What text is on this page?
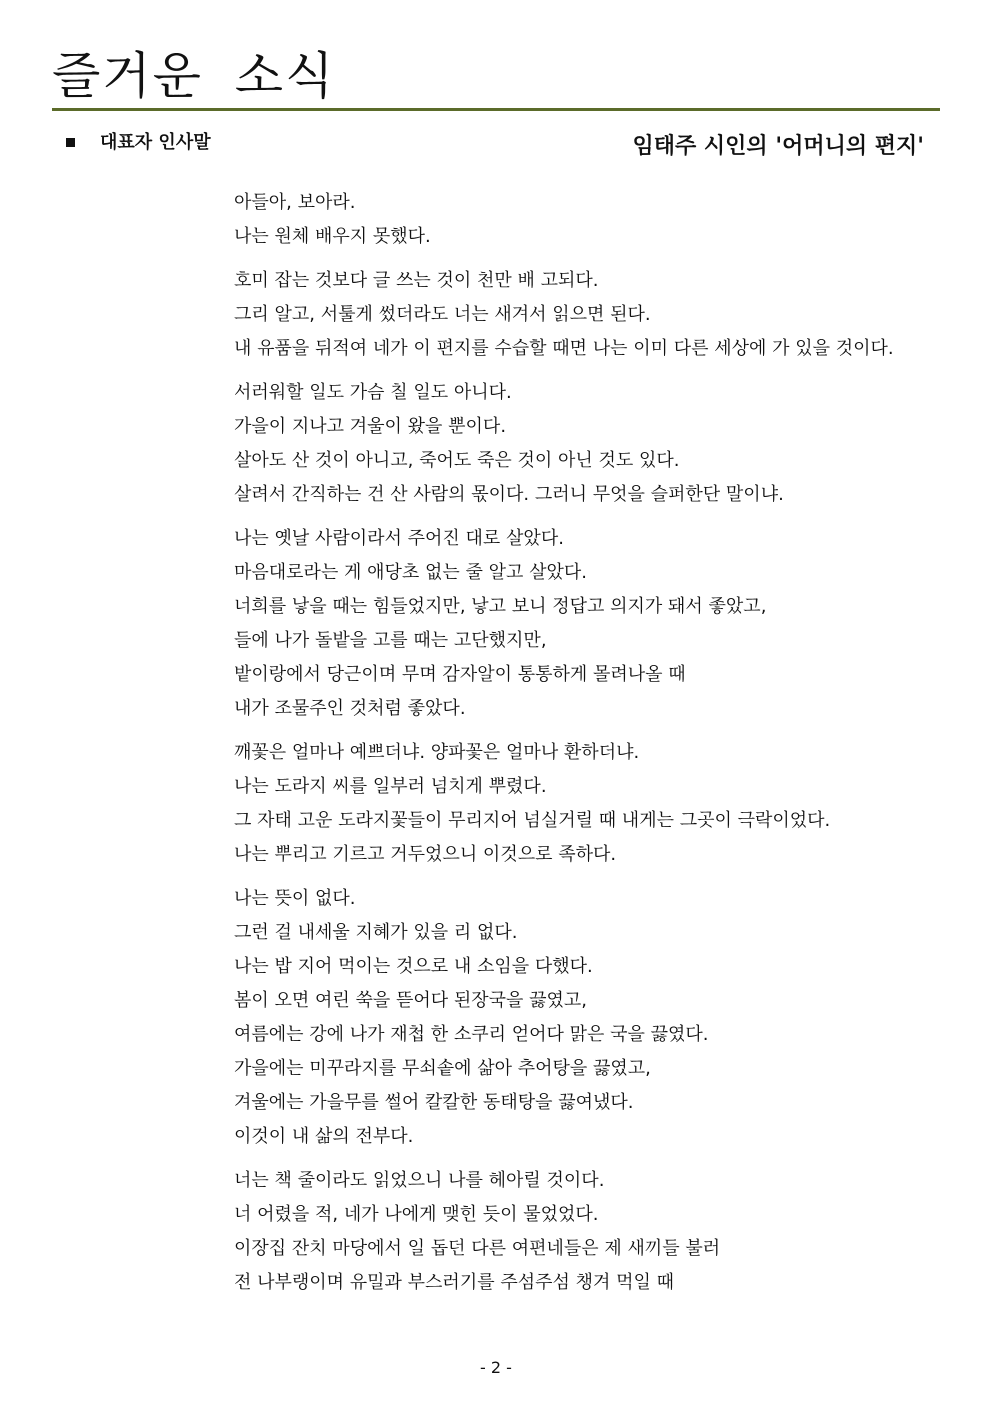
즐거운 소식
대표자 인사말	임태주 시인의 '어머니의 편지'
아들아, 보아라.
나는 원체 배우지 못했다.
호미 잡는 것보다 글 쓰는 것이 천만 배 고되다.
그리 알고, 서툴게 썼더라도 너는 새겨서 읽으면 된다.
내 유품을 뒤적여 네가 이 편지를 수습할 때면 나는 이미 다른 세상에 가 있을 것이다.
서러워할 일도 가슴 칠 일도 아니다.
가을이 지나고 겨울이 왔을 뿐이다.
살아도 산 것이 아니고, 죽어도 죽은 것이 아닌 것도 있다.
살려서 간직하는 건 산 사람의 몫이다. 그러니 무엇을 슬퍼한단 말이냐.
나는 옛날 사람이라서 주어진 대로 살았다.
마음대로라는 게 애당초 없는 줄 알고 살았다.
너희를 낳을 때는 힘들었지만, 낳고 보니 정답고 의지가 돼서 좋았고,
들에 나가 돌밭을 고를 때는 고단했지만,
밭이랑에서 당근이며 무며 감자알이 통통하게 몰려나올 때
내가 조물주인 것처럼 좋았다.
깨꽃은 얼마나 예쁘더냐. 양파꽃은 얼마나 환하더냐.
나는 도라지 씨를 일부러 넘치게 뿌렸다.
그 자태 고운 도라지꽃들이 무리지어 넘실거릴 때 내게는 그곳이 극락이었다.
나는 뿌리고 기르고 거두었으니 이것으로 족하다.
나는 뜻이 없다.
그런 걸 내세울 지혜가 있을 리 없다.
나는 밥 지어 먹이는 것으로 내 소임을 다했다.
봄이 오면 여린 쑥을 뜯어다 된장국을 끓였고,
여름에는 강에 나가 재첩 한 소쿠리 얻어다 맑은 국을 끓였다.
가을에는 미꾸라지를 무쇠솥에 삶아 추어탕을 끓였고,
겨울에는 가을무를 썰어 칼칼한 동태탕을 끓여냈다.
이것이 내 삶의 전부다.
너는 책 줄이라도 읽었으니 나를 헤아릴 것이다.
너 어렸을 적, 네가 나에게 맺힌 듯이 물었었다.
이장집 잔치 마당에서 일 돕던 다른 여편네들은 제 새끼들 불러
전 나부랭이며 유밀과 부스러기를 주섬주섬 챙겨 먹일 때
- 2 -
